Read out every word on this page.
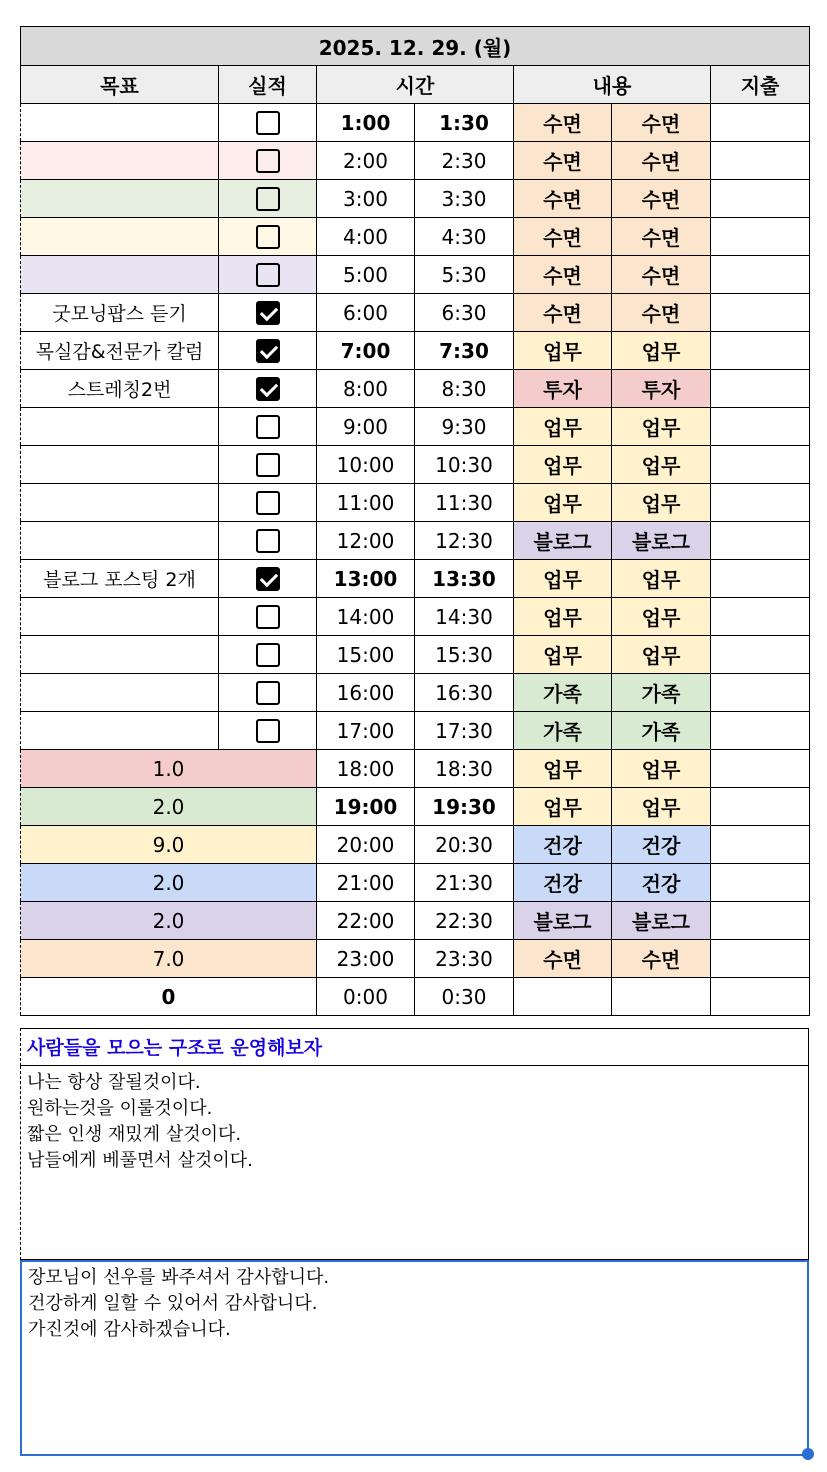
2025. 12. 29. (월)						
목표	실적	시간		내용		지출
		1:00	1:30	수면	수면	
		2:00	2:30	수면	수면	
		3:00	3:30	수면	수면	
		4:00	4:30	수면	수면	
		5:00	5:30	수면	수면	
굿모닝팝스 듣기		6:00	6:30	수면	수면	
목실감&전문가 칼럼		7:00	7:30	업무	업무	
스트레칭2번		8:00	8:30	투자	투자	
		9:00	9:30	업무	업무	
		10:00	10:30	업무	업무	
		11:00	11:30	업무	업무	
		12:00	12:30	블로그	블로그	
블로그 포스팅 2개		13:00	13:30	업무	업무	
		14:00	14:30	업무	업무	
		15:00	15:30	업무	업무	
		16:00	16:30	가족	가족	
		17:00	17:30	가족	가족	
1.0		18:00	18:30	업무	업무	
2.0		19:00	19:30	업무	업무	
9.0		20:00	20:30	건강	건강	
2.0		21:00	21:30	건강	건강	
2.0		22:00	22:30	블로그	블로그	
7.0		23:00	23:30	수면	수면	
0		0:00	0:30			
사람들을 모으는 구조로 운영해보자
나는 항상 잘될것이다.
원하는것을 이룰것이다.
짧은 인생 재밌게 살것이다.
남들에게 베풀면서 살것이다.
장모님이 선우를 봐주셔서 감사합니다.
건강하게 일할 수 있어서 감사합니다.
가진것에 감사하겠습니다.
